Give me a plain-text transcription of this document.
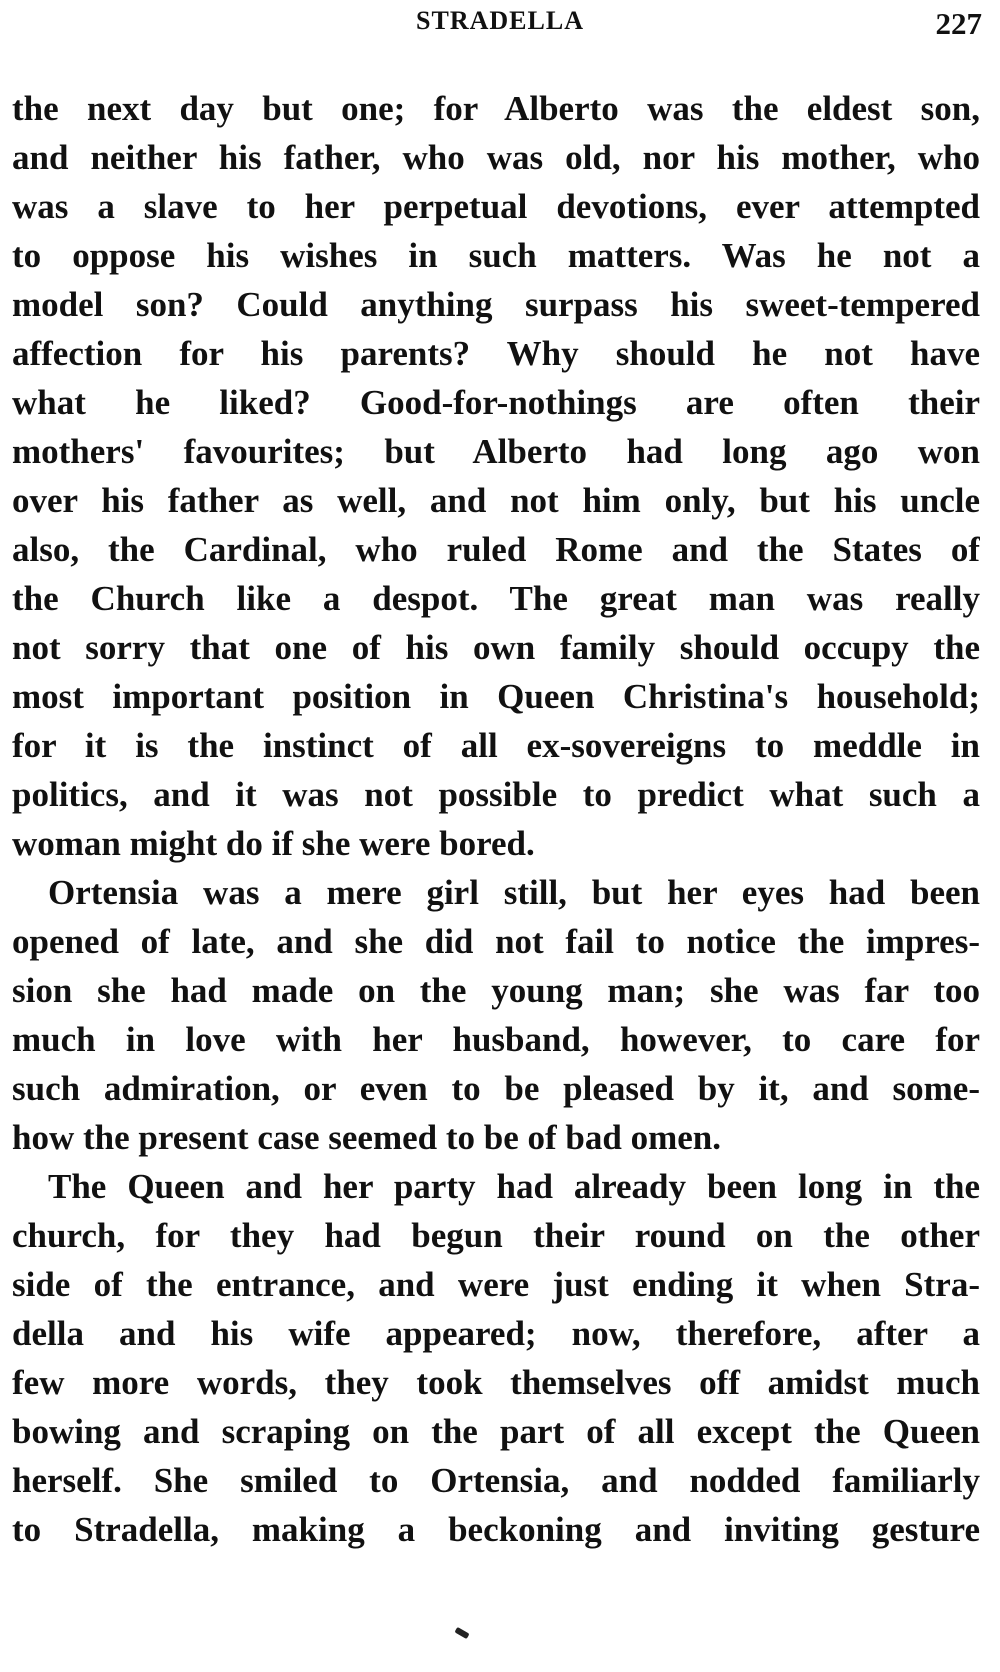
STRADELLA	227
the next day but one; for Alberto was the eldest son,
and neither his father, who was old, nor his mother, who
was a slave to her perpetual devotions, ever attempted
to oppose his wishes in such matters. Was he not a
model son? Could anything surpass his sweet-tempered
affection for his parents? Why should he not have
what he liked? Good-for-nothings are often their
mothers' favourites; but Alberto had long ago won
over his father as well, and not him only, but his uncle
also, the Cardinal, who ruled Rome and the States of
the Church like a despot. The great man was really
not sorry that one of his own family should occupy the
most important position in Queen Christina's household;
for it is the instinct of all ex-sovereigns to meddle in
politics, and it was not possible to predict what such a
woman might do if she were bored.
Ortensia was a mere girl still, but her eyes had been
opened of late, and she did not fail to notice the impres-
sion she had made on the young man; she was far too
much in love with her husband, however, to care for
such admiration, or even to be pleased by it, and some-
how the present case seemed to be of bad omen.
The Queen and her party had already been long in the
church, for they had begun their round on the other
side of the entrance, and were just ending it when Stra-
della and his wife appeared; now, therefore, after a
few more words, they took themselves off amidst much
bowing and scraping on the part of all except the Queen
herself. She smiled to Ortensia, and nodded familiarly
to Stradella, making a beckoning and inviting gesture
